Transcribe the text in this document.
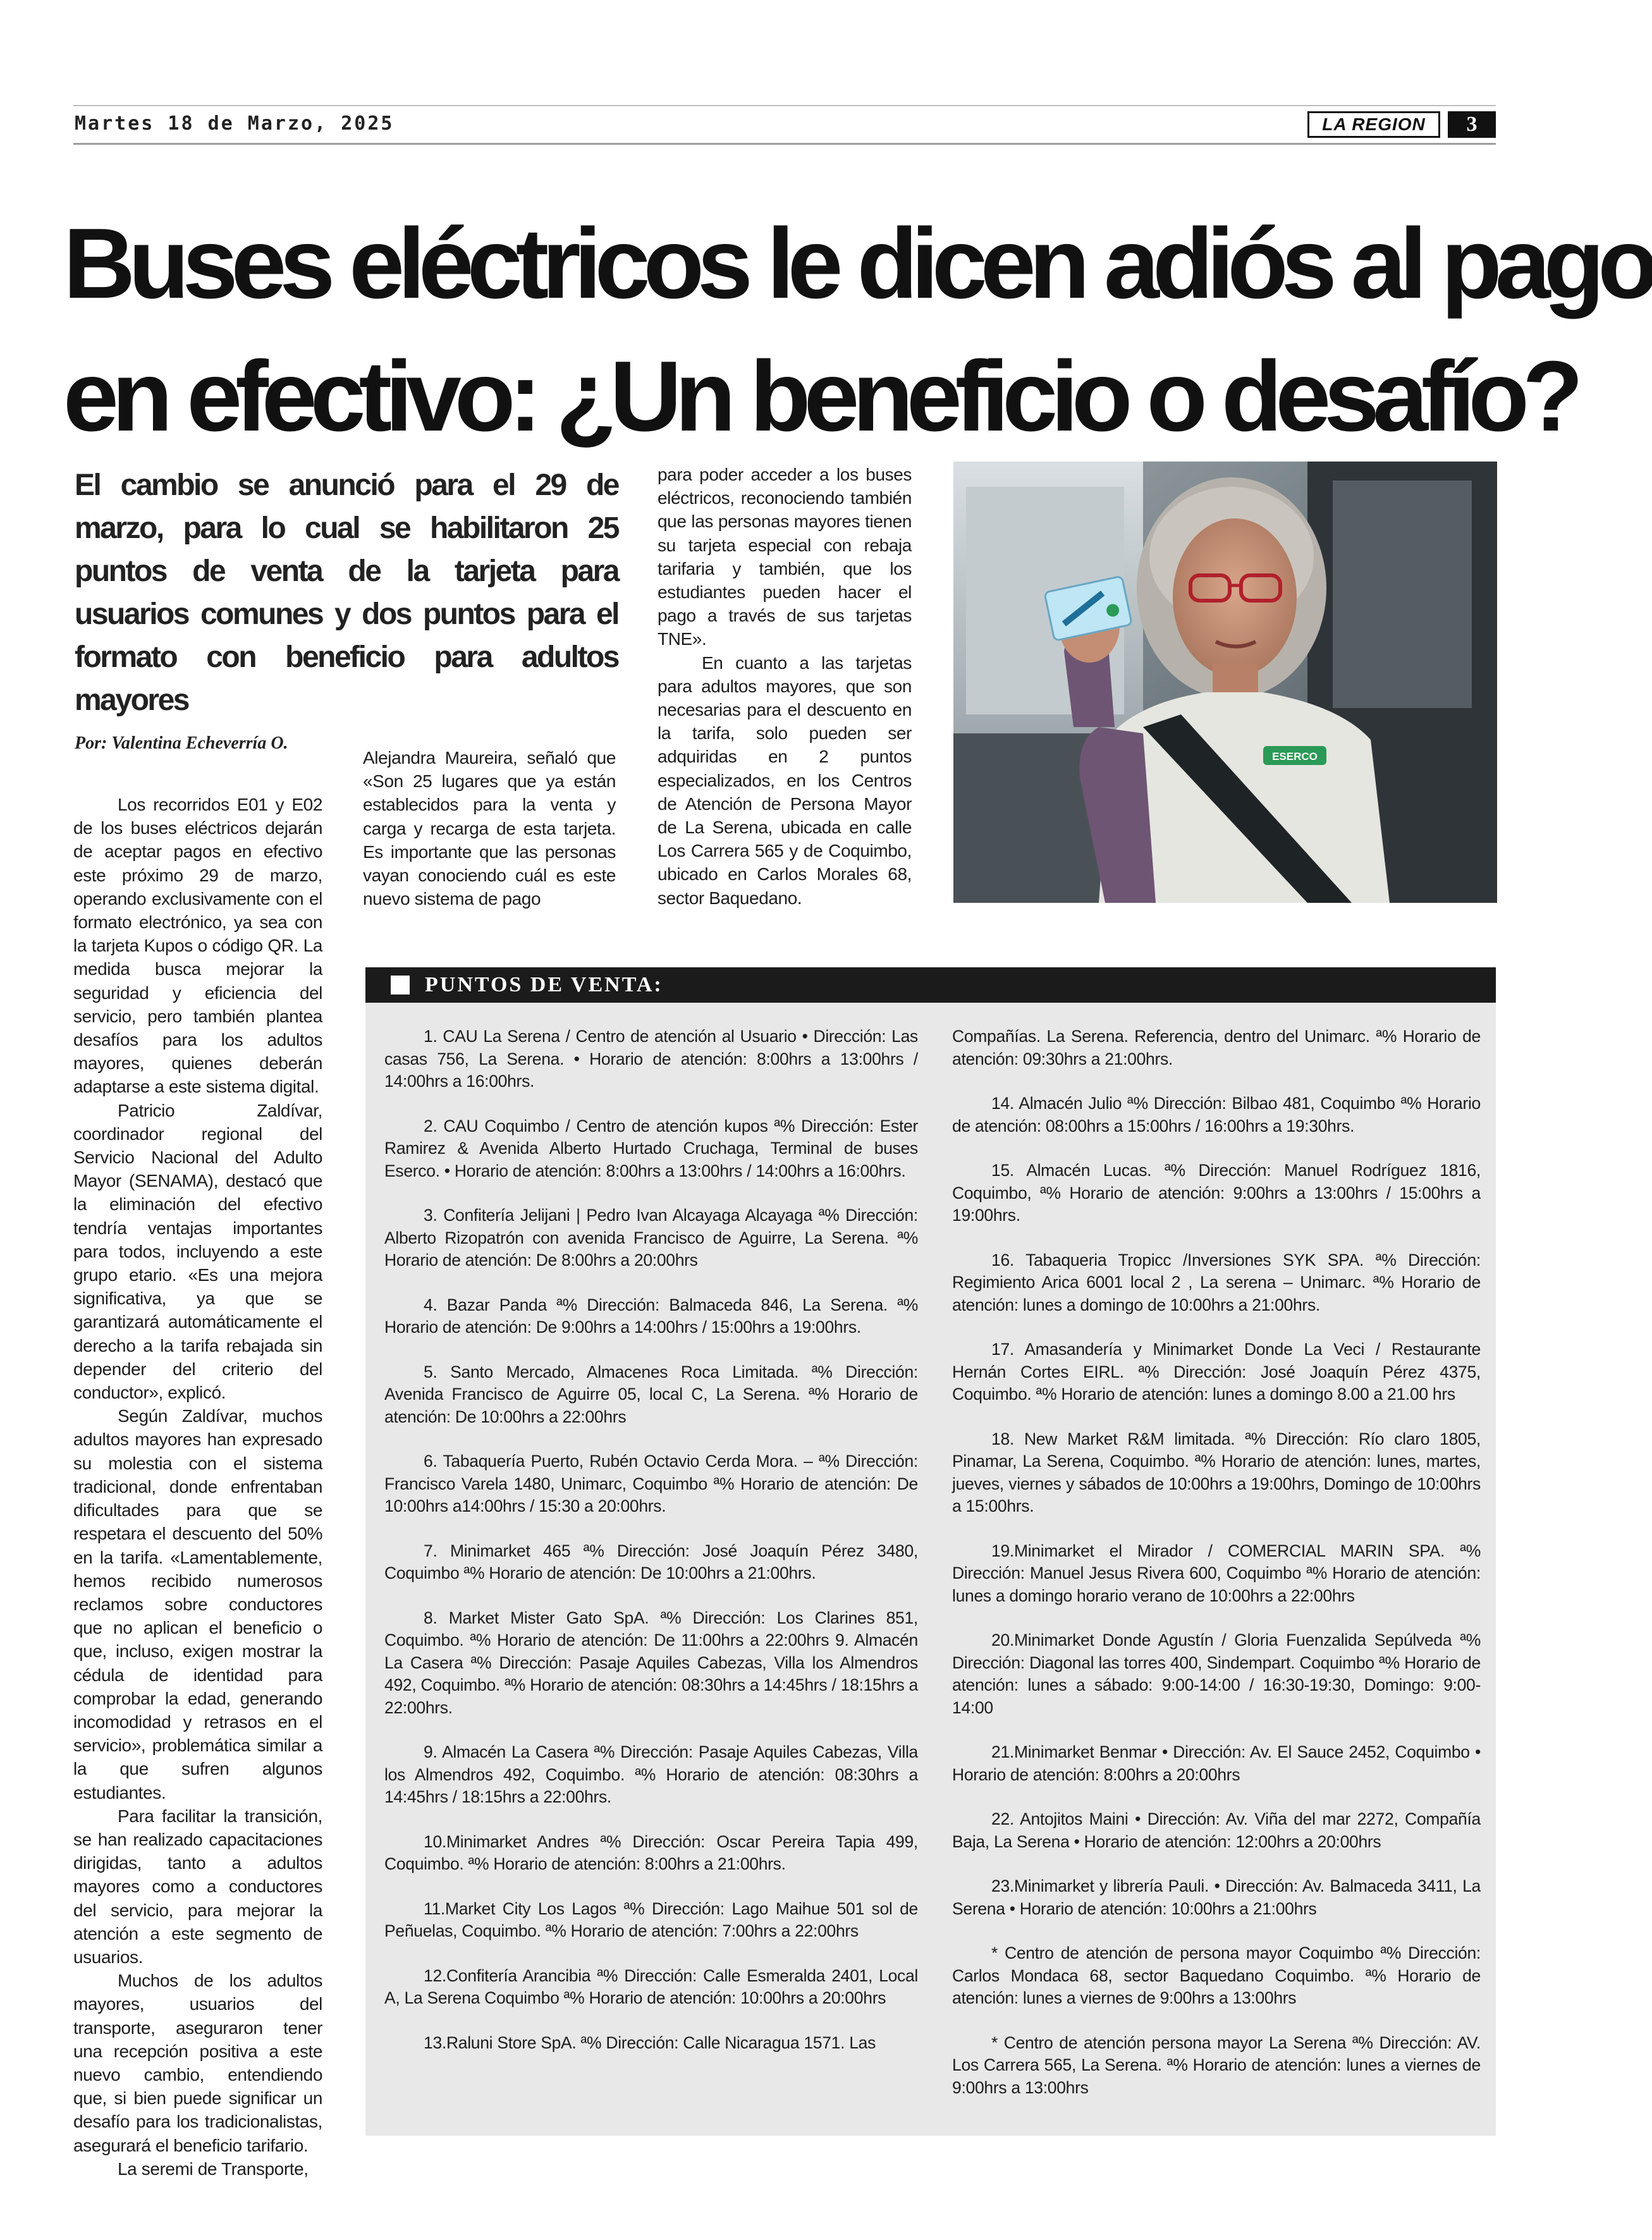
Martes 18 de Marzo, 2025	LA REGION	3
Buses eléctricos le dicen adiós al pago
en efectivo: ¿Un beneficio o desafío?
El cambio se anunció para el 29 de marzo, para lo cual se habilitaron 25 puntos de venta de la tarjeta para usuarios comunes y dos puntos para el formato con beneficio para adultos mayores
Por: Valentina Echeverría O.

Los recorridos E01 y E02 de los buses eléctricos dejarán de aceptar pagos en efectivo este próximo 29 de marzo, operando exclusivamente con el formato electrónico, ya sea con la tarjeta Kupos o código QR. La medida busca mejorar la seguridad y eficiencia del servicio, pero también plantea desafíos para los adultos mayores, quienes deberán adaptarse a este sistema digital.

Patricio Zaldívar, coordinador regional del Servicio Nacional del Adulto Mayor (SENAMA), destacó que la eliminación del efectivo tendría ventajas importantes para todos, incluyendo a este grupo etario. «Es una mejora significativa, ya que se garantizará automáticamente el derecho a la tarifa rebajada sin depender del criterio del conductor», explicó.

Según Zaldívar, muchos adultos mayores han expresado su molestia con el sistema tradicional, donde enfrentaban dificultades para que se respetara el descuento del 50% en la tarifa. «Lamentablemente, hemos recibido numerosos reclamos sobre conductores que no aplican el beneficio o que, incluso, exigen mostrar la cédula de identidad para comprobar la edad, generando incomodidad y retrasos en el servicio», problemática similar a la que sufren algunos estudiantes.

Para facilitar la transición, se han realizado capacitaciones dirigidas, tanto a adultos mayores como a conductores del servicio, para mejorar la atención a este segmento de usuarios.

Muchos de los adultos mayores, usuarios del transporte, aseguraron tener una recepción positiva a este nuevo cambio, entendiendo que, si bien puede significar un desafío para los tradicionalistas, asegurará el beneficio tarifario.

La seremi de Transporte,

Alejandra Maureira, señaló que «Son 25 lugares que ya están establecidos para la venta y carga y recarga de esta tarjeta. Es importante que las personas vayan conociendo cuál es este nuevo sistema de pago

para poder acceder a los buses eléctricos, reconociendo también que las personas mayores tienen su tarjeta especial con rebaja tarifaria y también, que los estudiantes pueden hacer el pago a través de sus tarjetas TNE».

En cuanto a las tarjetas para adultos mayores, que son necesarias para el descuento en la tarifa, solo pueden ser adquiridas en 2 puntos especializados, en los Centros de Atención de Persona Mayor de La Serena, ubicada en calle Los Carrera 565 y de Coquimbo, ubicado en Carlos Morales 68, sector Baquedano.

ESERCO
PUNTOS DE VENTA:

1. CAU La Serena / Centro de atención al Usuario • Dirección: Las casas 756, La Serena. • Horario de atención: 8:00hrs a 13:00hrs / 14:00hrs a 16:00hrs.

2. CAU Coquimbo / Centro de atención kupos ª% Dirección: Ester Ramirez & Avenida Alberto Hurtado Cruchaga, Terminal de buses Eserco. • Horario de atención: 8:00hrs a 13:00hrs / 14:00hrs a 16:00hrs.

3. Confitería Jelijani | Pedro Ivan Alcayaga Alcayaga ª% Dirección: Alberto Rizopatrón con avenida Francisco de Aguirre, La Serena. ª% Horario de atención: De 8:00hrs a 20:00hrs

4. Bazar Panda ª% Dirección: Balmaceda 846, La Serena. ª% Horario de atención: De 9:00hrs a 14:00hrs / 15:00hrs a 19:00hrs.

5. Santo Mercado, Almacenes Roca Limitada. ª% Dirección: Avenida Francisco de Aguirre 05, local C, La Serena. ª% Horario de atención: De 10:00hrs a 22:00hrs

6. Tabaquería Puerto, Rubén Octavio Cerda Mora. – ª% Dirección: Francisco Varela 1480, Unimarc, Coquimbo ª% Horario de atención: De 10:00hrs a14:00hrs / 15:30 a 20:00hrs.

7. Minimarket 465 ª% Dirección: José Joaquín Pérez 3480, Coquimbo ª% Horario de atención: De 10:00hrs a 21:00hrs.

8. Market Mister Gato SpA. ª% Dirección: Los Clarines 851, Coquimbo. ª% Horario de atención: De 11:00hrs a 22:00hrs 9. Almacén La Casera ª% Dirección: Pasaje Aquiles Cabezas, Villa los Almendros 492, Coquimbo. ª% Horario de atención: 08:30hrs a 14:45hrs / 18:15hrs a 22:00hrs.

9. Almacén La Casera ª% Dirección: Pasaje Aquiles Cabezas, Villa los Almendros 492, Coquimbo. ª% Horario de atención: 08:30hrs a 14:45hrs / 18:15hrs a 22:00hrs.

10.Minimarket Andres ª% Dirección: Oscar Pereira Tapia 499, Coquimbo. ª% Horario de atención: 8:00hrs a 21:00hrs.

11.Market City Los Lagos ª% Dirección: Lago Maihue 501 sol de Peñuelas, Coquimbo. ª% Horario de atención: 7:00hrs a 22:00hrs

12.Confitería Arancibia ª% Dirección: Calle Esmeralda 2401, Local A, La Serena Coquimbo ª% Horario de atención: 10:00hrs a 20:00hrs

13.Raluni Store SpA. ª% Dirección: Calle Nicaragua 1571. Las

Compañías. La Serena. Referencia, dentro del Unimarc. ª% Horario de atención: 09:30hrs a 21:00hrs.

14. Almacén Julio ª% Dirección: Bilbao 481, Coquimbo ª% Horario de atención: 08:00hrs a 15:00hrs / 16:00hrs a 19:30hrs.

15. Almacén Lucas. ª% Dirección: Manuel Rodríguez 1816, Coquimbo, ª% Horario de atención: 9:00hrs a 13:00hrs / 15:00hrs a 19:00hrs.

16. Tabaqueria Tropicc /Inversiones SYK SPA. ª% Dirección: Regimiento Arica 6001 local 2 , La serena – Unimarc. ª% Horario de atención: lunes a domingo de 10:00hrs a 21:00hrs.

17. Amasandería y Minimarket Donde La Veci / Restaurante Hernán Cortes EIRL. ª% Dirección: José Joaquín Pérez 4375, Coquimbo. ª% Horario de atención: lunes a domingo 8.00 a 21.00 hrs

18. New Market R&M limitada. ª% Dirección: Río claro 1805, Pinamar, La Serena, Coquimbo. ª% Horario de atención: lunes, martes, jueves, viernes y sábados de 10:00hrs a 19:00hrs, Domingo de 10:00hrs a 15:00hrs.

19.Minimarket el Mirador / COMERCIAL MARIN SPA. ª% Dirección: Manuel Jesus Rivera 600, Coquimbo ª% Horario de atención: lunes a domingo horario verano de 10:00hrs a 22:00hrs

20.Minimarket Donde Agustín / Gloria Fuenzalida Sepúlveda ª% Dirección: Diagonal las torres 400, Sindempart. Coquimbo ª% Horario de atención: lunes a sábado: 9:00-14:00 / 16:30-19:30, Domingo: 9:00-14:00

21.Minimarket Benmar • Dirección: Av. El Sauce 2452, Coquimbo • Horario de atención: 8:00hrs a 20:00hrs

22. Antojitos Maini • Dirección: Av. Viña del mar 2272, Compañía Baja, La Serena • Horario de atención: 12:00hrs a 20:00hrs

23.Minimarket y librería Pauli. • Dirección: Av. Balmaceda 3411, La Serena • Horario de atención: 10:00hrs a 21:00hrs

* Centro de atención de persona mayor Coquimbo ª% Dirección: Carlos Mondaca 68, sector Baquedano Coquimbo. ª% Horario de atención: lunes a viernes de 9:00hrs a 13:00hrs

* Centro de atención persona mayor La Serena ª% Dirección: AV. Los Carrera 565, La Serena. ª% Horario de atención: lunes a viernes de 9:00hrs a 13:00hrs
